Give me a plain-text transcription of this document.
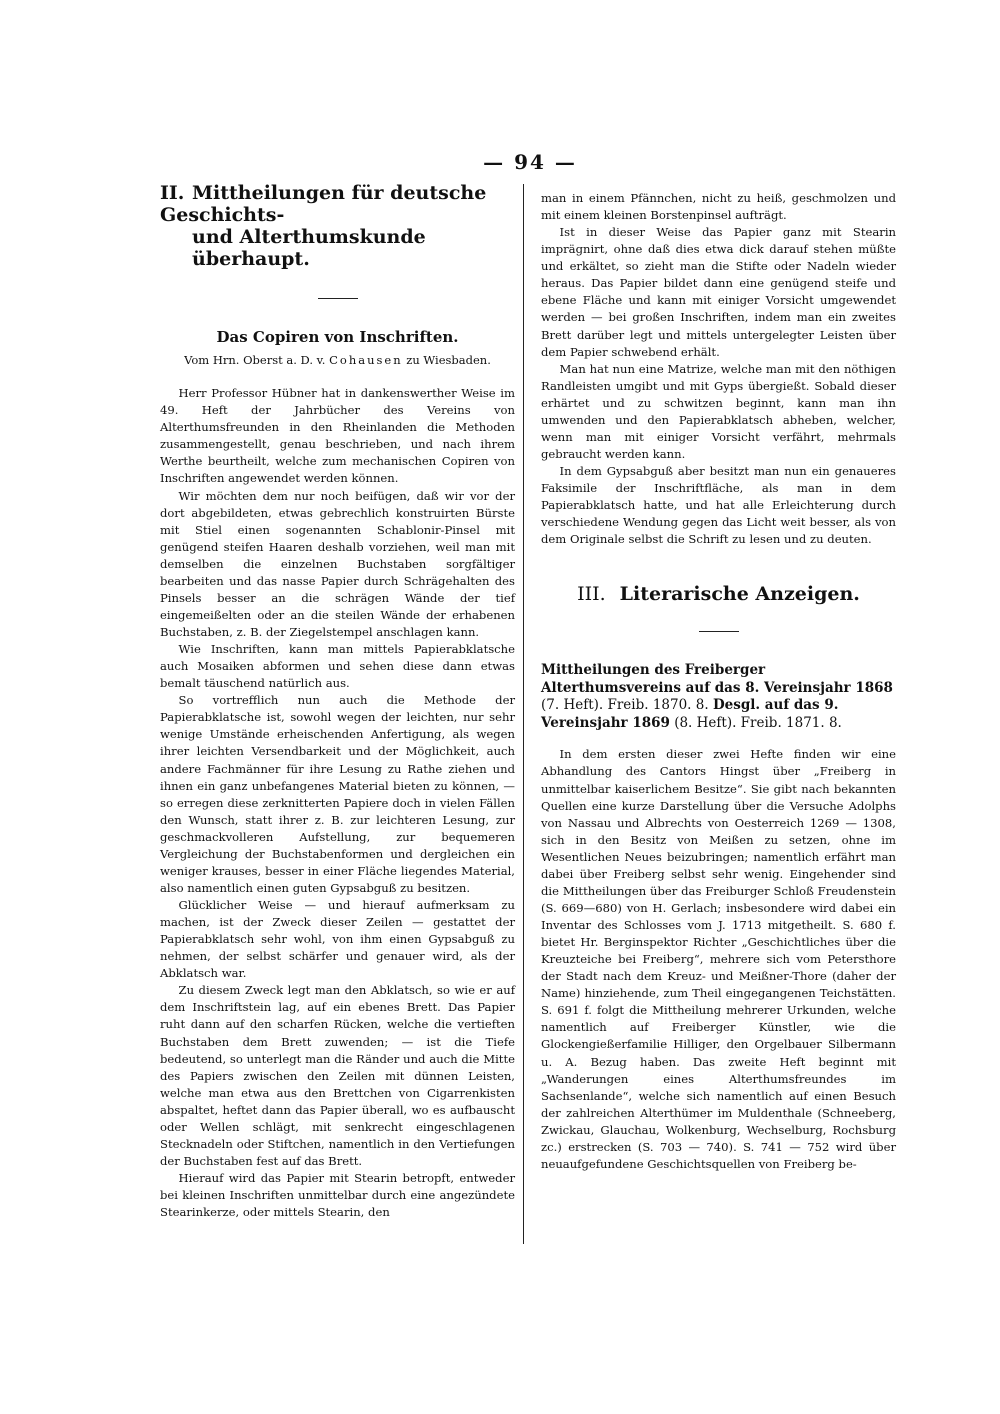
— 94 —
II. Mittheilungen für deutsche Geschichts-
und Alterthumskunde überhaupt.
Das Copiren von Inschriften.
Vom Hrn. Oberst a. D. v. Cohausen zu Wiesbaden.

Herr Professor Hübner hat in dankenswerther Weise im 49. Heft der Jahrbücher des Vereins von Alterthumsfreunden in den Rheinlanden die Methoden zusammengestellt, genau beschrieben, und nach ihrem Werthe beurtheilt, welche zum mechanischen Copiren von Inschriften angewendet werden können.

Wir möchten dem nur noch beifügen, daß wir vor der dort abgebildeten, etwas gebrechlich konstruirten Bürste mit Stiel einen sogenannten Schablonir-Pinsel mit genügend steifen Haaren deshalb vorziehen, weil man mit demselben die einzelnen Buchstaben sorgfältiger bearbeiten und das nasse Papier durch Schrägehalten des Pinsels besser an die schrägen Wände der tief eingemeißelten oder an die steilen Wände der erhabenen Buchstaben, z. B. der Ziegelstempel anschlagen kann.

Wie Inschriften, kann man mittels Papierabklatsche auch Mosaiken abformen und sehen diese dann etwas bemalt täuschend natürlich aus.

So vortrefflich nun auch die Methode der Papierabklatsche ist, sowohl wegen der leichten, nur sehr wenige Umstände erheischenden Anfertigung, als wegen ihrer leichten Versendbarkeit und der Möglichkeit, auch andere Fachmänner für ihre Lesung zu Rathe ziehen und ihnen ein ganz unbefangenes Material bieten zu können, — so erregen diese zerknitterten Papiere doch in vielen Fällen den Wunsch, statt ihrer z. B. zur leichteren Lesung, zur geschmackvolleren Aufstellung, zur bequemeren Vergleichung der Buchstabenformen und dergleichen ein weniger krauses, besser in einer Fläche liegendes Material, also namentlich einen guten Gypsabguß zu besitzen.

Glücklicher Weise — und hierauf aufmerksam zu machen, ist der Zweck dieser Zeilen — gestattet der Papierabklatsch sehr wohl, von ihm einen Gypsabguß zu nehmen, der selbst schärfer und genauer wird, als der Abklatsch war.

Zu diesem Zweck legt man den Abklatsch, so wie er auf dem Inschriftstein lag, auf ein ebenes Brett. Das Papier ruht dann auf den scharfen Rücken, welche die vertieften Buchstaben dem Brett zuwenden; — ist die Tiefe bedeutend, so unterlegt man die Ränder und auch die Mitte des Papiers zwischen den Zeilen mit dünnen Leisten, welche man etwa aus den Brettchen von Cigarrenkisten abspaltet, heftet dann das Papier überall, wo es aufbauscht oder Wellen schlägt, mit senkrecht eingeschlagenen Stecknadeln oder Stiftchen, namentlich in den Vertiefungen der Buchstaben fest auf das Brett.

Hierauf wird das Papier mit Stearin betropft, entweder bei kleinen Inschriften unmittelbar durch eine angezündete Stearinkerze, oder mittels Stearin, den

man in einem Pfännchen, nicht zu heiß, geschmolzen und mit einem kleinen Borstenpinsel aufträgt.

Ist in dieser Weise das Papier ganz mit Stearin imprägnirt, ohne daß dies etwa dick darauf stehen müßte und erkältet, so zieht man die Stifte oder Nadeln wieder heraus. Das Papier bildet dann eine genügend steife und ebene Fläche und kann mit einiger Vorsicht umgewendet werden — bei großen Inschriften, indem man ein zweites Brett darüber legt und mittels untergelegter Leisten über dem Papier schwebend erhält.

Man hat nun eine Matrize, welche man mit den nöthigen Randleisten umgibt und mit Gyps übergießt. Sobald dieser erhärtet und zu schwitzen beginnt, kann man ihn umwenden und den Papierabklatsch abheben, welcher, wenn man mit einiger Vorsicht verfährt, mehrmals gebraucht werden kann.

In dem Gypsabguß aber besitzt man nun ein genaueres Faksimile der Inschriftfläche, als man in dem Papierabklatsch hatte, und hat alle Erleichterung durch verschiedene Wendung gegen das Licht weit besser, als von dem Originale selbst die Schrift zu lesen und zu deuten.

III. Literarische Anzeigen.
Mittheilungen des Freiberger Alterthumsvereins auf das 8. Vereinsjahr 1868 (7. Heft). Freib. 1870. 8. Desgl. auf das 9. Vereinsjahr 1869 (8. Heft). Freib. 1871. 8.

In dem ersten dieser zwei Hefte finden wir eine Abhandlung des Cantors Hingst über „Freiberg in unmittelbar kaiserlichem Besitze“. Sie gibt nach bekannten Quellen eine kurze Darstellung über die Versuche Adolphs von Nassau und Albrechts von Oesterreich 1269 — 1308, sich in den Besitz von Meißen zu setzen, ohne im Wesentlichen Neues beizubringen; namentlich erfährt man dabei über Freiberg selbst sehr wenig. Eingehender sind die Mittheilungen über das Freiburger Schloß Freudenstein (S. 669—680) von H. Gerlach; insbesondere wird dabei ein Inventar des Schlosses vom J. 1713 mitgetheilt. S. 680 f. bietet Hr. Berginspektor Richter „Geschichtliches über die Kreuzteiche bei Freiberg“, mehrere sich vom Petersthore der Stadt nach dem Kreuz- und Meißner-Thore (daher der Name) hinziehende, zum Theil eingegangenen Teichstätten. S. 691 f. folgt die Mittheilung mehrerer Urkunden, welche namentlich auf Freiberger Künstler, wie die Glockengießerfamilie Hilliger, den Orgelbauer Silbermann u. A. Bezug haben. Das zweite Heft beginnt mit „Wanderungen eines Alterthumsfreundes im Sachsenlande“, welche sich namentlich auf einen Besuch der zahlreichen Alterthümer im Muldenthale (Schneeberg, Zwickau, Glauchau, Wolkenburg, Wechselburg, Rochsburg zc.) erstrecken (S. 703 — 740). S. 741 — 752 wird über neuaufgefundene Geschichtsquellen von Freiberg be-
